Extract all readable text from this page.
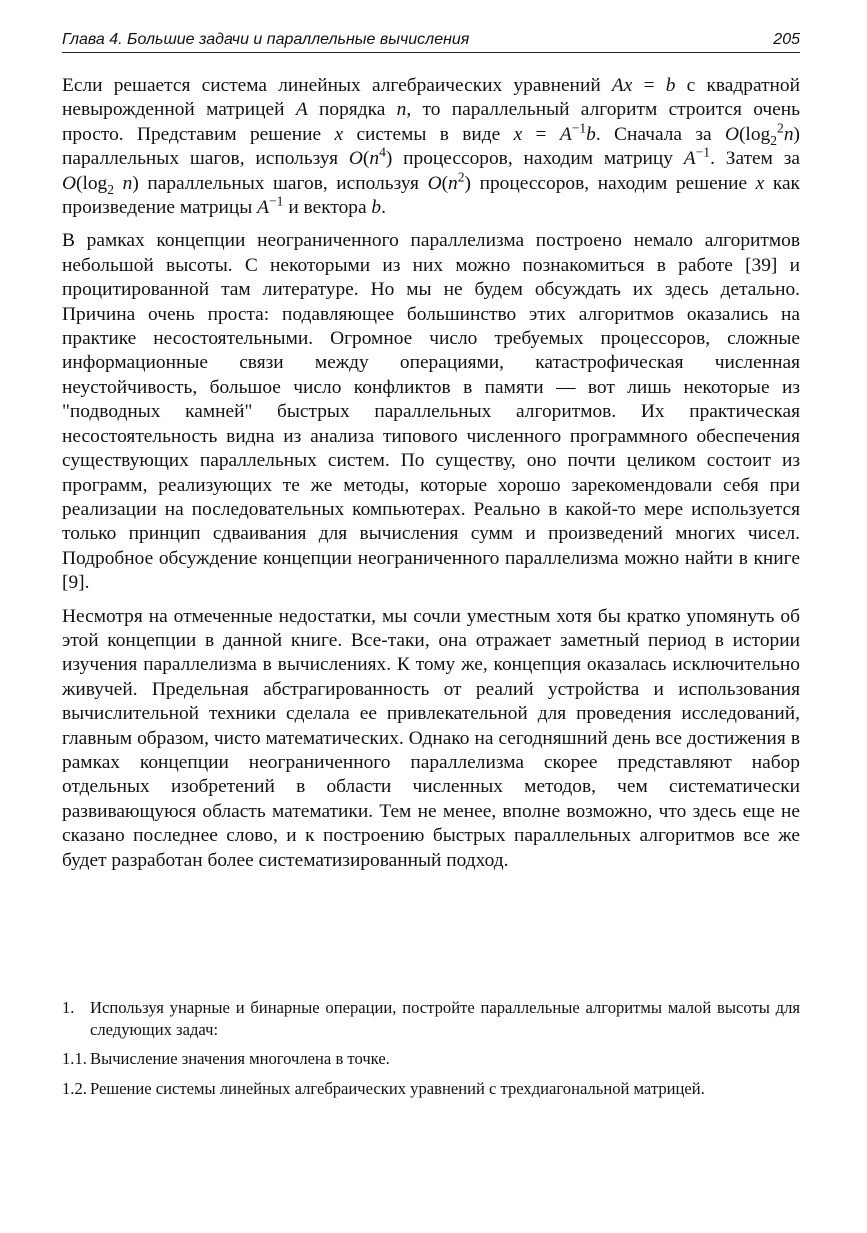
Глава 4. Большие задачи и параллельные вычисления	205

Если решается система линейных алгебраических уравнений Ax = b с квадратной невырожденной матрицей A порядка n, то параллельный алгоритм строится очень просто. Представим решение x системы в виде $x = A^{-1}b$. Сначала за $O(\log_2^2n)$ параллельных шагов, используя $O(n^4)$ процессоров, находим матрицу $A^{-1}$. Затем за $O(\log_2$ n) параллельных шагов, используя $O(n^2)$ процессоров, находим решение x как произведение матрицы $A^{-1}$ и вектора b.

В рамках концепции неограниченного параллелизма построено немало алгоритмов небольшой высоты. С некоторыми из них можно познакомиться в работе [39] и процитированной там литературе. Но мы не будем обсуждать их здесь детально. Причина очень проста: подавляющее большинство этих алгоритмов оказались на практике несостоятельными. Огромное число требуемых процессоров, сложные информационные связи между операциями, катастрофическая численная неустойчивость, большое число конфликтов в памяти — вот лишь некоторые из "подводных камней" быстрых параллельных алгоритмов. Их практическая несостоятельность видна из анализа типового численного программного обеспечения существующих параллельных систем. По существу, оно почти целиком состоит из программ, реализующих те же методы, которые хорошо зарекомендовали себя при реализации на последовательных компьютерах. Реально в какой-то мере используется только принцип сдваивания для вычисления сумм и произведений многих чисел. Подробное обсуждение концепции неограниченного параллелизма можно найти в книге [9].

Несмотря на отмеченные недостатки, мы сочли уместным хотя бы кратко упомянуть об этой концепции в данной книге. Все-таки, она отражает заметный период в истории изучения параллелизма в вычислениях. К тому же, концепция оказалась исключительно живучей. Предельная абстрагированность от реалий устройства и использования вычислительной техники сделала ее привлекательной для проведения исследований, главным образом, чисто математических. Однако на сегодняшний день все достижения в рамках концепции неограниченного параллелизма скорее представляют набор отдельных изобретений в области численных методов, чем систематически развивающуюся область математики. Тем не менее, вполне возможно, что здесь еще не сказано последнее слово, и к построению быстрых параллельных алгоритмов все же будет разработан более систематизированный подход.

1. Используя унарные и бинарные операции, постройте параллельные алгоритмы малой высоты для следующих задач:
1.1. Вычисление значения многочлена в точке.
1.2. Решение системы линейных алгебраических уравнений с трехдиагональной матрицей.
